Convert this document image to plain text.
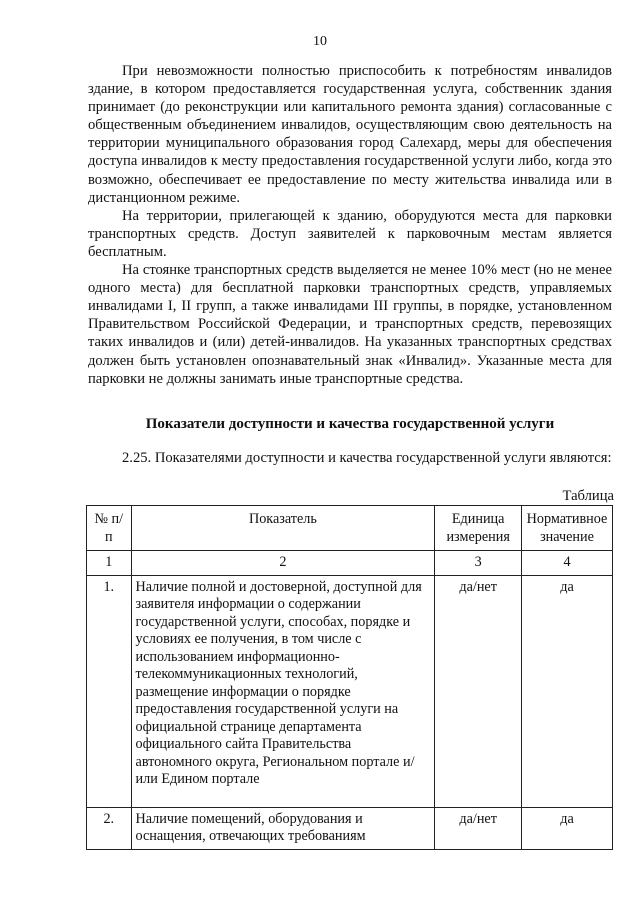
10

При невозможности полностью приспособить к потребностям инвалидов здание, в котором предоставляется государственная услуга, собственник здания принимает (до реконструкции или капитального ремонта здания) согласованные с общественным объединением инвалидов, осуществляющим свою деятельность на территории муниципального образования город Салехард, меры для обеспечения доступа инвалидов к месту предоставления государственной услуги либо, когда это возможно, обеспечивает ее предоставление по месту жительства инвалида или в дистанционном режиме.

На территории, прилегающей к зданию, оборудуются места для парковки транспортных средств. Доступ заявителей к парковочным местам является бесплатным.

На стоянке транспортных средств выделяется не менее 10% мест (но не менее одного места) для бесплатной парковки транспортных средств, управляемых инвалидами I, II групп, а также инвалидами III группы, в порядке, установленном Правительством Российской Федерации, и транспортных средств, перевозящих таких инвалидов и (или) детей-инвалидов. На указанных транспортных средствах должен быть установлен опознавательный знак «Инвалид». Указанные места для парковки не должны занимать иные транспортные средства.

Показатели доступности и качества государственной услуги

2.25. Показателями доступности и качества государственной услуги являются:

Таблица
№ п/п	Показатель	Единица измерения	Нормативное значение
1	2	3	4
1.	Наличие полной и достоверной, доступной для заявителя информации о содержании государственной услуги, способах, порядке и условиях ее получения, в том числе с использованием информационно-телекоммуникационных технологий, размещение информации о порядке предоставления государственной услуги на официальной странице департамента официального сайта Правительства автономного округа, Региональном портале и/или Едином портале	да/нет	да
2.	Наличие помещений, оборудования и оснащения, отвечающих требованиям	да/нет	да
